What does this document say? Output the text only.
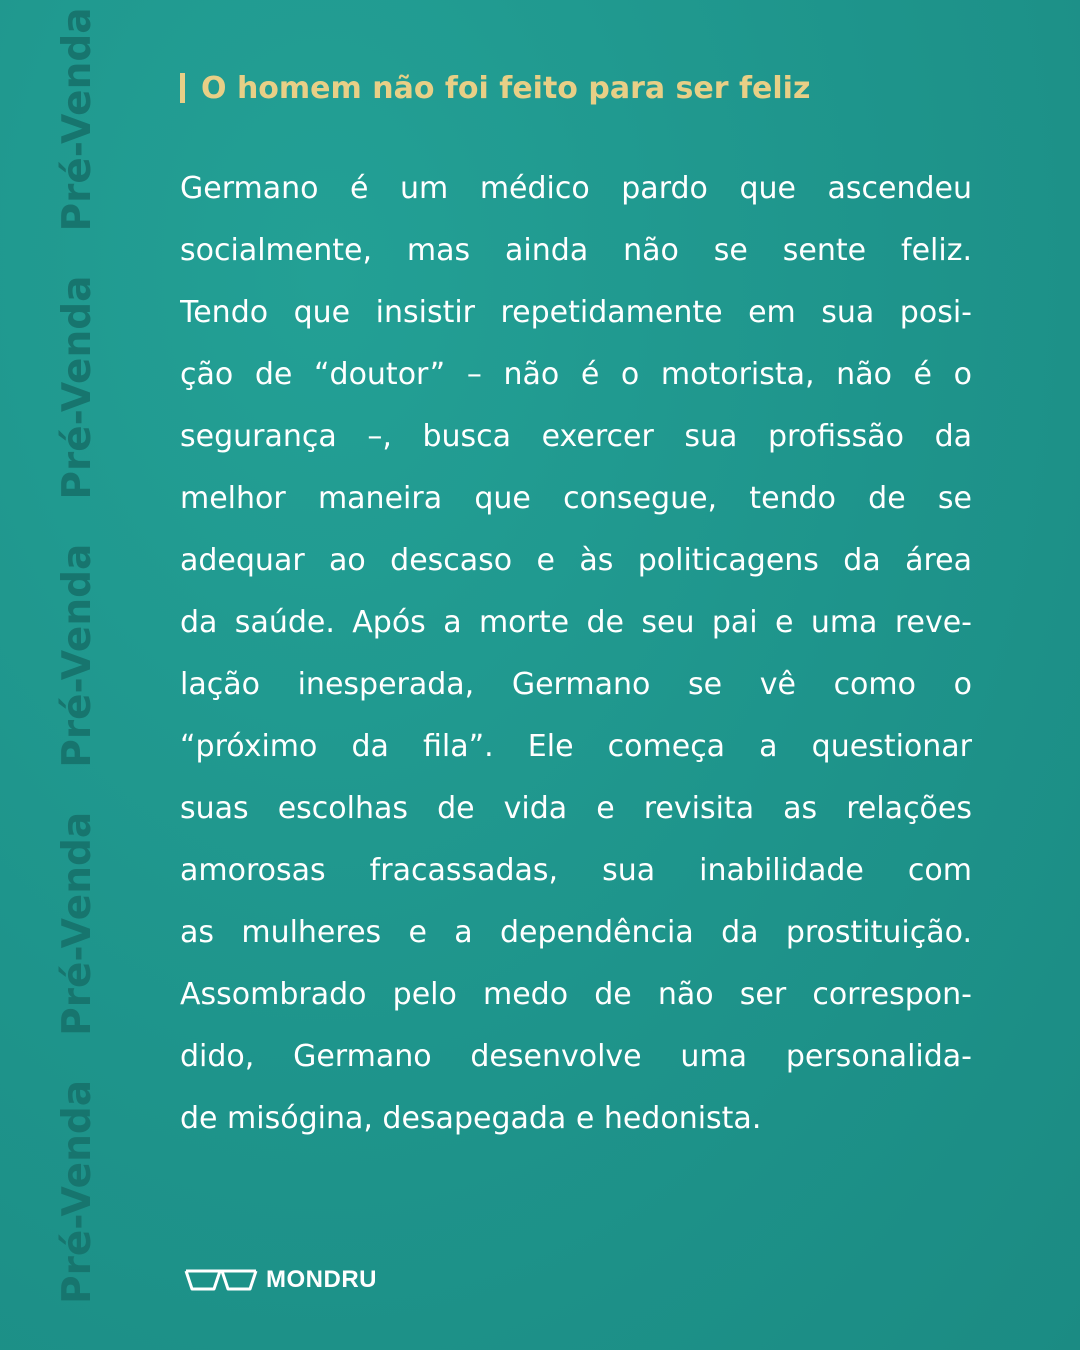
Pré-Venda
Pré-Venda
Pré-Venda
Pré-Venda
Pré-Venda	O homem não foi feito para ser feliz
Germano é um médico pardo que ascendeu
socialmente, mas ainda não se sente feliz.
Tendo que insistir repetidamente em sua posi-
ção de “doutor” – não é o motorista, não é o
segurança –, busca exercer sua profissão da
melhor maneira que consegue, tendo de se
adequar ao descaso e às politicagens da área
da saúde. Após a morte de seu pai e uma reve-
lação inesperada, Germano se vê como o
“próximo da fila”. Ele começa a questionar
suas escolhas de vida e revisita as relações
amorosas fracassadas, sua inabilidade com
as mulheres e a dependência da prostituição.
Assombrado pelo medo de não ser correspon-
dido, Germano desenvolve uma personalida-
de misógina, desapegada e hedonista.
MONDRU
